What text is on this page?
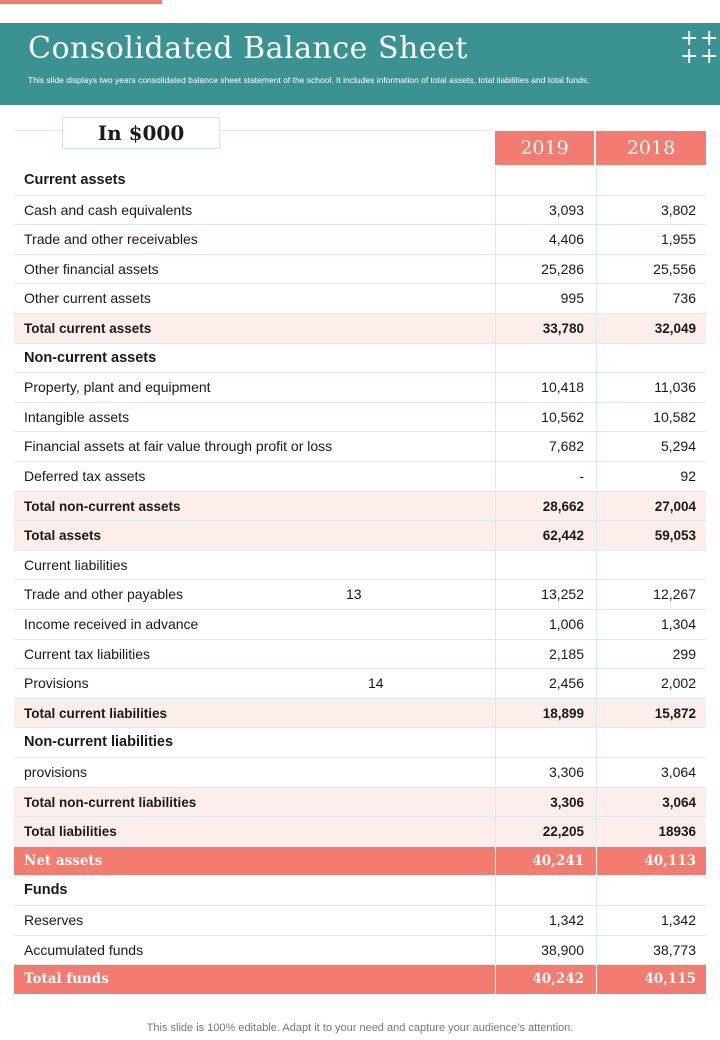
Consolidated Balance Sheet
This slide displays two years consolidated balance sheet statement of the school. It includes information of total assets, total liabilities and total funds.
+ +
+ +
In $000
2019	2018
Current assets
Cash and cash equivalents	3,093	3,802
Trade and other receivables	4,406	1,955
Other financial assets	25,286	25,556
Other current assets	995	736
Total current assets	33,780	32,049
Non-current assets
Property, plant and equipment	10,418	11,036
Intangible assets	10,562	10,582
Financial assets at fair value through profit or loss	7,682	5,294
Deferred tax assets	-	92
Total non-current assets	28,662	27,004
Total assets	62,442	59,053
Current liabilities
Trade and other payables	13	13,252	12,267
Income received in advance	1,006	1,304
Current tax liabilities	2,185	299
Provisions	14	2,456	2,002
Total current liabilities	18,899	15,872
Non-current liabilities
provisions	3,306	3,064
Total non-current liabilities	3,306	3,064
Total liabilities	22,205	18936
Net assets	40,241	40,113
Funds
Reserves	1,342	1,342
Accumulated funds	38,900	38,773
Total funds	40,242	40,115
This slide is 100% editable. Adapt it to your need and capture your audience’s attention.
